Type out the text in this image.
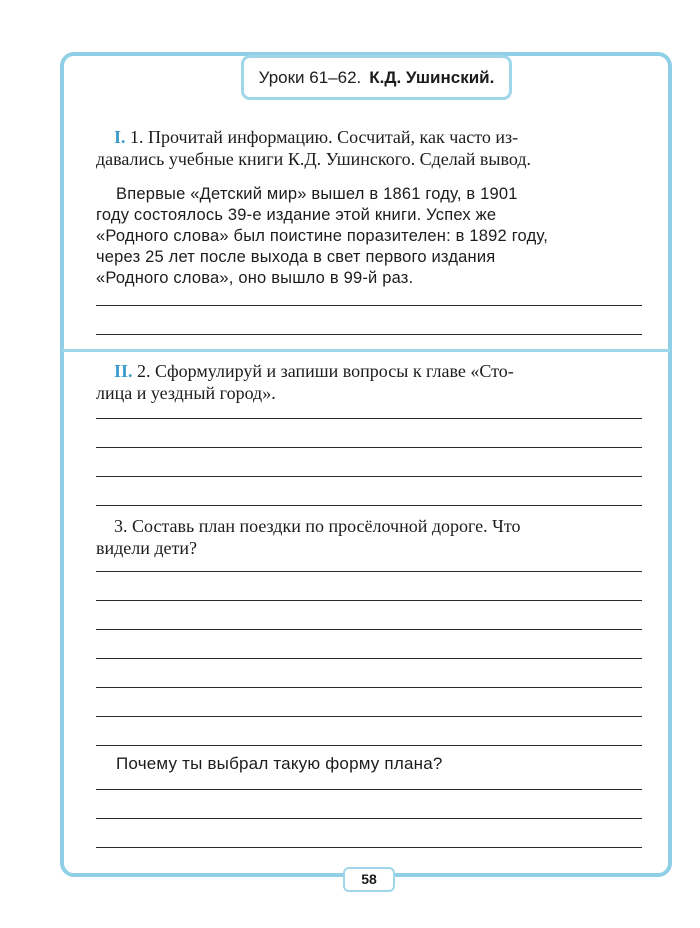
Уроки 61–62. К.Д. Ушинский.

I. 1. Прочитай информацию. Сосчитай, как часто из-

давались учебные книги К.Д. Ушинского. Сделай вывод.

Впервые «Детский мир» вышел в 1861 году, в 1901

году состоялось 39-е издание этой книги. Успех же

«Родного слова» был поистине поразителен: в 1892 году,

через 25 лет после выхода в свет первого издания

«Родного слова», оно вышло в 99-й раз.

II. 2. Сформулируй и запиши вопросы к главе «Сто-

лица и уездный город».

3. Составь план поездки по просёлочной дороге. Что

видели дети?

Почему ты выбрал такую форму плана?

58
